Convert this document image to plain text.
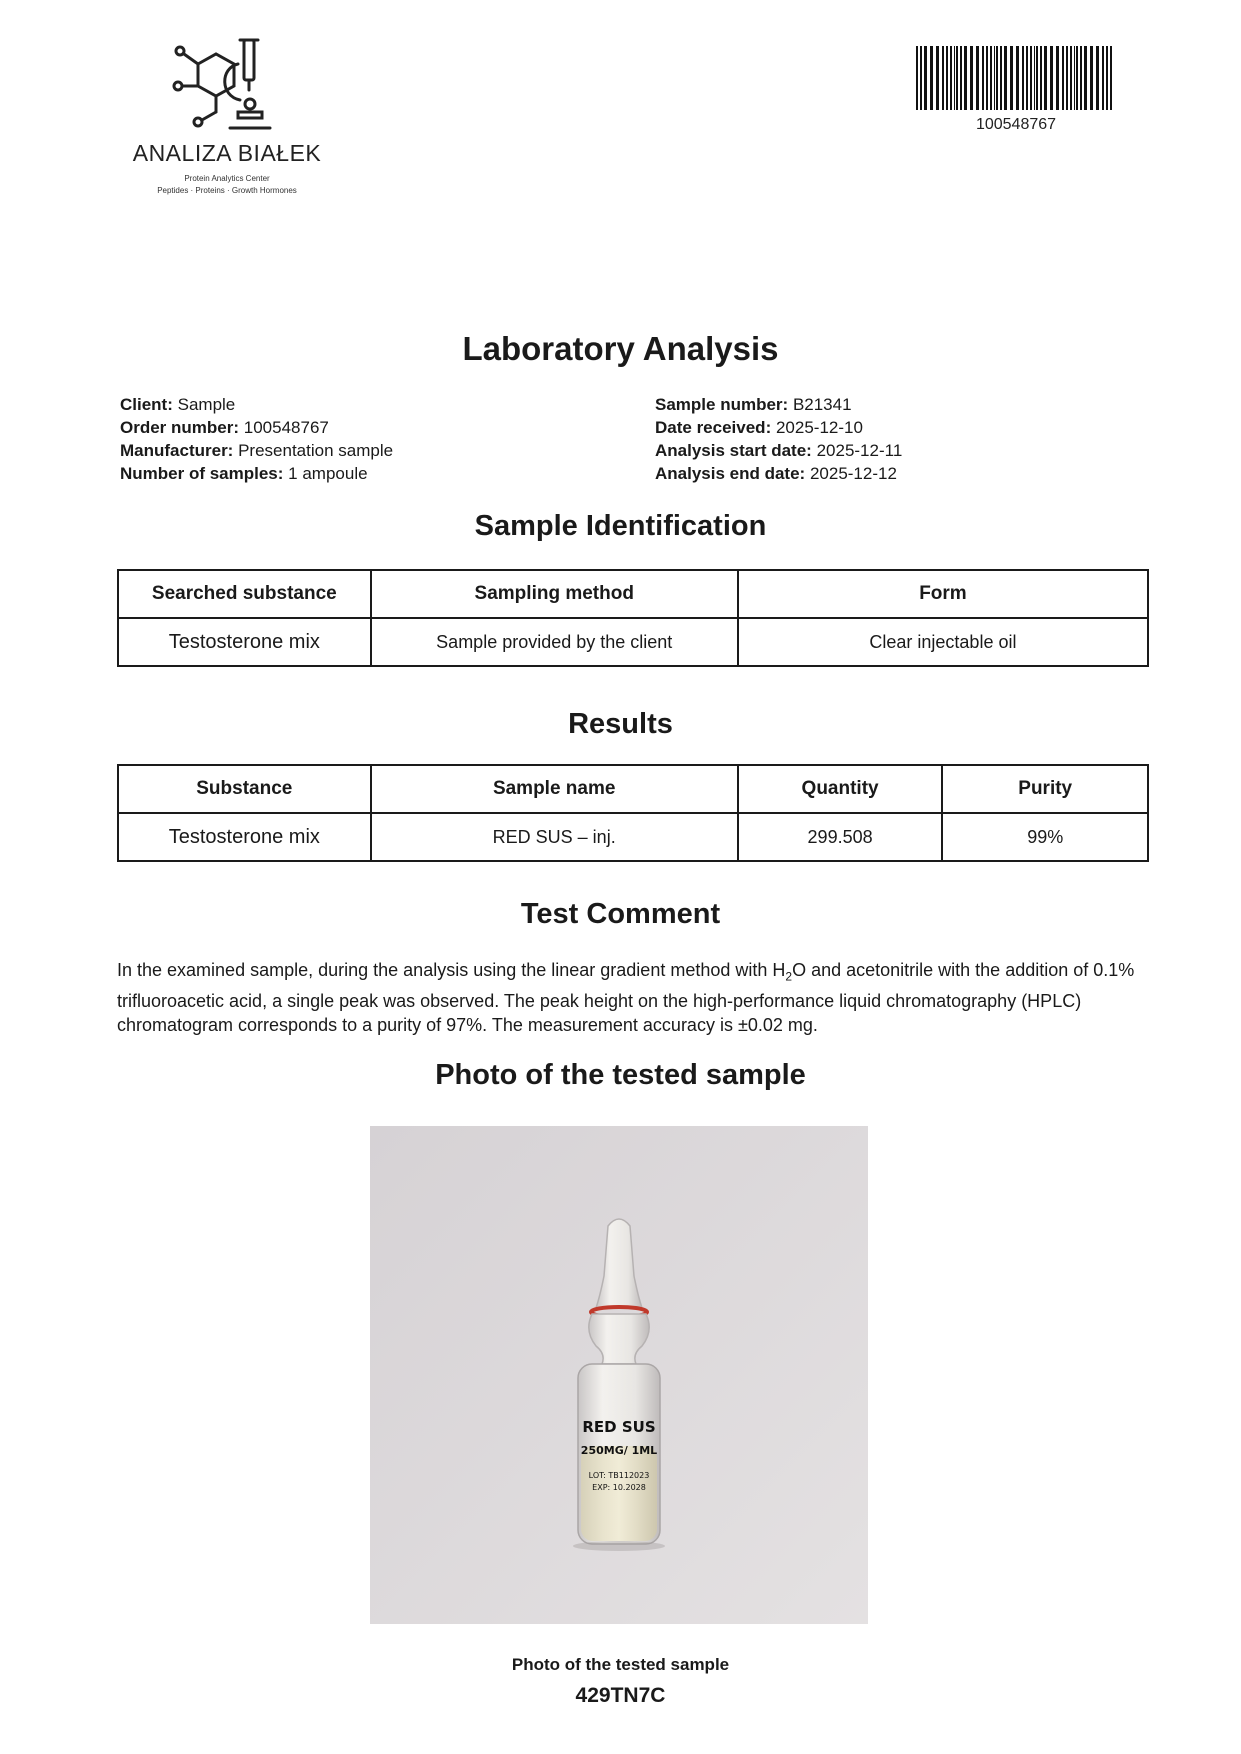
ANALIZA BIAŁEK
Protein Analytics Center
Peptides · Proteins · Growth Hormones
100548767
Laboratory Analysis
Client: Sample
Order number: 100548767
Manufacturer: Presentation sample
Number of samples: 1 ampoule
Sample number: B21341
Date received: 2025-12-10
Analysis start date: 2025-12-11
Analysis end date: 2025-12-12
Sample Identification
Searched substance	Sampling method	Form
Testosterone mix	Sample provided by the client	Clear injectable oil
Results
Substance	Sample name	Quantity	Purity
Testosterone mix	RED SUS – inj.	299.508	99%
Test Comment
In the examined sample, during the analysis using the linear gradient method with $H_2O$ and acetonitrile with the addition of 0.1% trifluoroacetic acid, a single peak was observed. The peak height on the high-performance liquid chromatography (HPLC) chromatogram corresponds to a purity of 97%. The measurement accuracy is ±0.02 mg.
Photo of the tested sample
RED SUS
250MG/ 1ML
LOT: TB112023
EXP: 10.2028
Photo of the tested sample
429TN7C
